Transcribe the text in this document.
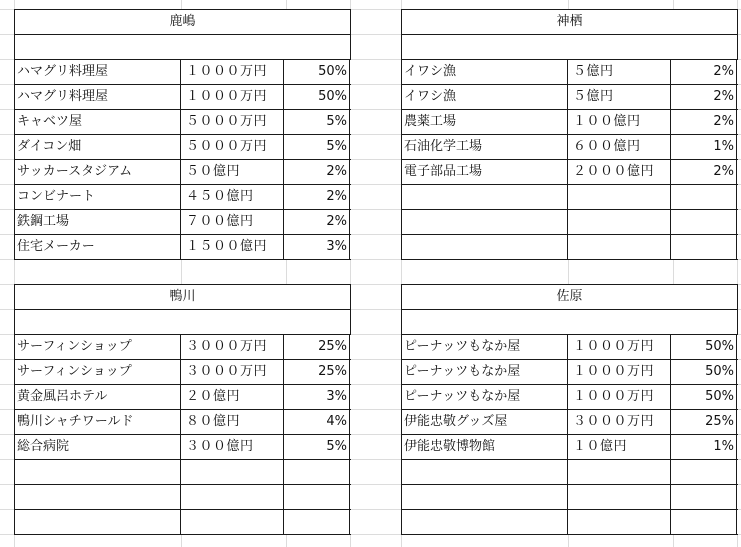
鹿嶋
ハマグリ料理屋	１０００万円	50%
ハマグリ料理屋	１０００万円	50%
キャベツ屋	５０００万円	5%
ダイコン畑	５０００万円	5%
サッカースタジアム	５０億円	2%
コンビナート	４５０億円	2%
鉄鋼工場	７００億円	2%
住宅メーカー	１５００億円	3%
神栖
イワシ漁	５億円	2%
イワシ漁	５億円	2%
農薬工場	１００億円	2%
石油化学工場	６００億円	1%
電子部品工場	２０００億円	2%
鴨川
サーフィンショップ	３０００万円	25%
サーフィンショップ	３０００万円	25%
黄金風呂ホテル	２０億円	3%
鴨川シャチワールド	８０億円	4%
総合病院	３００億円	5%
佐原
ピーナッツもなか屋	１０００万円	50%
ピーナッツもなか屋	１０００万円	50%
ピーナッツもなか屋	１０００万円	50%
伊能忠敬グッズ屋	３０００万円	25%
伊能忠敬博物館	１０億円	1%
